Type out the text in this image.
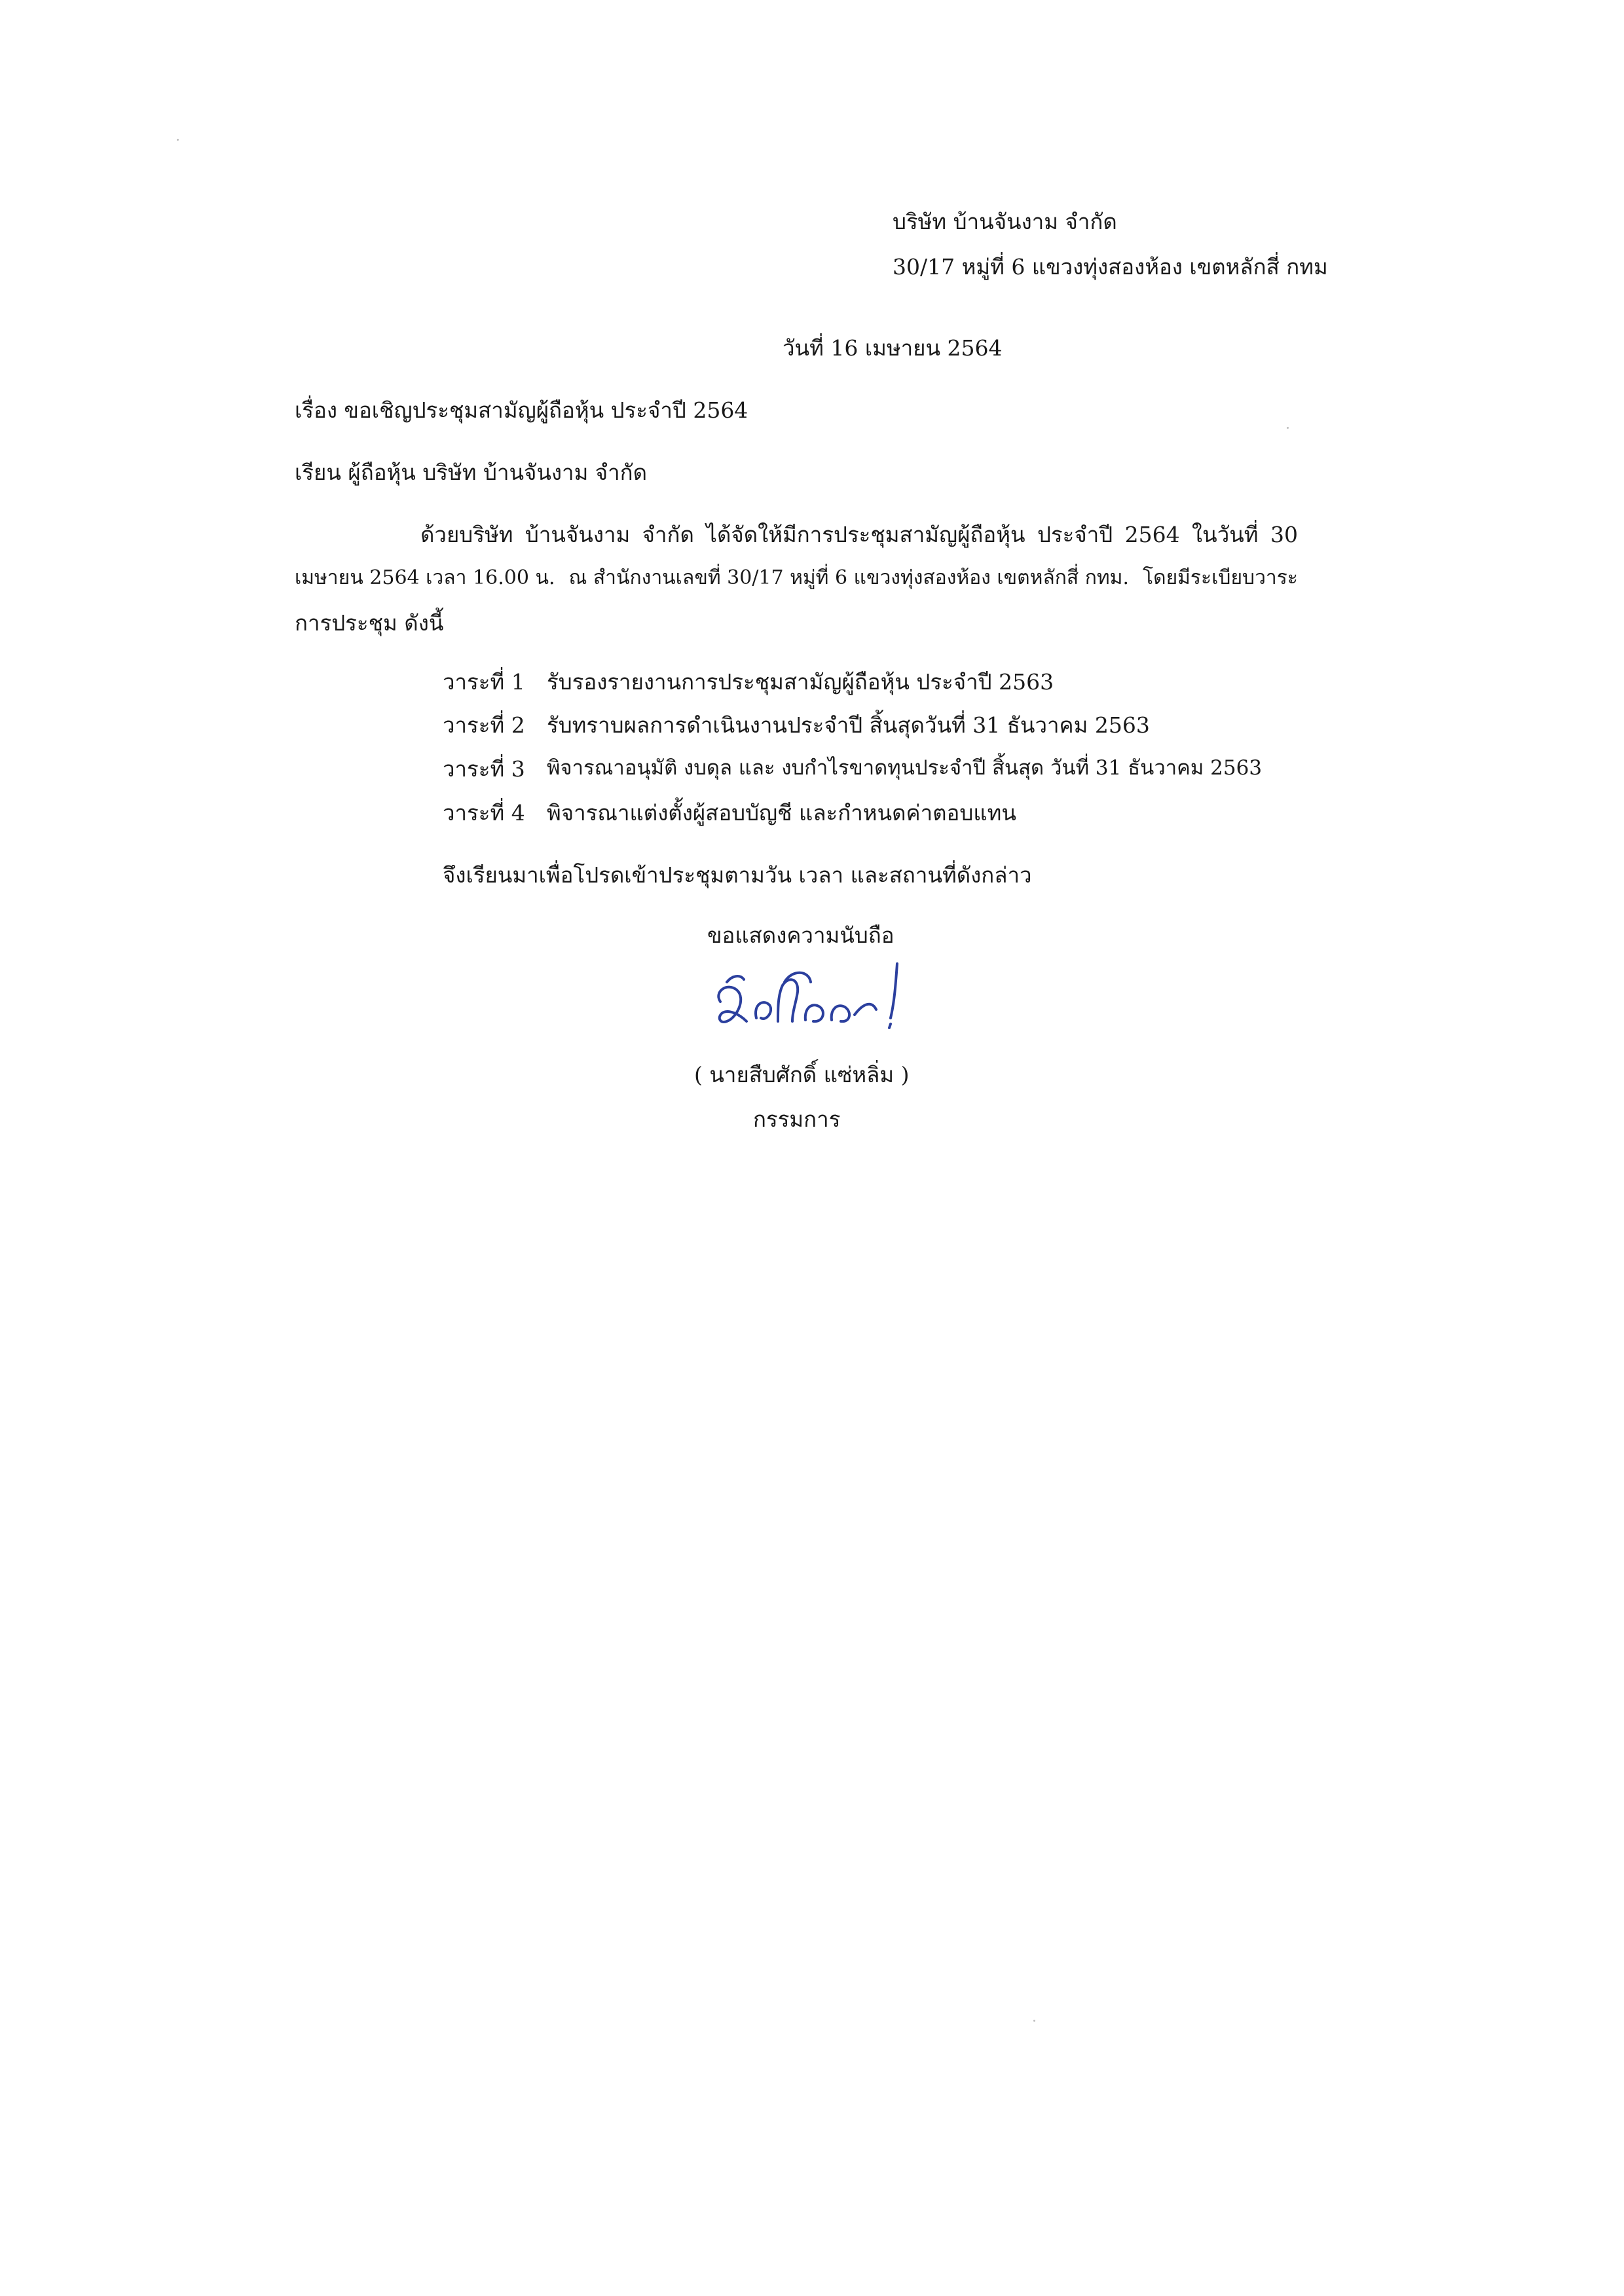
บริษัท บ้านจันงาม จำกัด
30/17 หมู่ที่ 6 แขวงทุ่งสองห้อง เขตหลักสี่ กทม
วันที่ 16 เมษายน 2564
เรื่อง ขอเชิญประชุมสามัญผู้ถือหุ้น ประจำปี 2564
เรียน ผู้ถือหุ้น บริษัท บ้านจันงาม จำกัด
ด้วยบริษัท บ้านจันงาม จำกัด ได้จัดให้มีการประชุมสามัญผู้ถือหุ้น ประจำปี 2564 ในวันที่ 30
เมษายน 2564 เวลา 16.00 น. ณ สำนักงานเลขที่ 30/17 หมู่ที่ 6 แขวงทุ่งสองห้อง เขตหลักสี่ กทม. โดยมีระเบียบวาระ
การประชุม ดังนี้
วาระที่ 1 รับรองรายงานการประชุมสามัญผู้ถือหุ้น ประจำปี 2563
วาระที่ 2 รับทราบผลการดำเนินงานประจำปี สิ้นสุดวันที่ 31 ธันวาคม 2563
วาระที่ 3 พิจารณาอนุมัติ งบดุล และ งบกำไรขาดทุนประจำปี สิ้นสุด วันที่ 31 ธันวาคม 2563
วาระที่ 4 พิจารณาแต่งตั้งผู้สอบบัญชี และกำหนดค่าตอบแทน
จึงเรียนมาเพื่อโปรดเข้าประชุมตามวัน เวลา และสถานที่ดังกล่าว
ขอแสดงความนับถือ
( นายสืบศักดิ์ แซ่หลิ่ม )
กรรมการ
